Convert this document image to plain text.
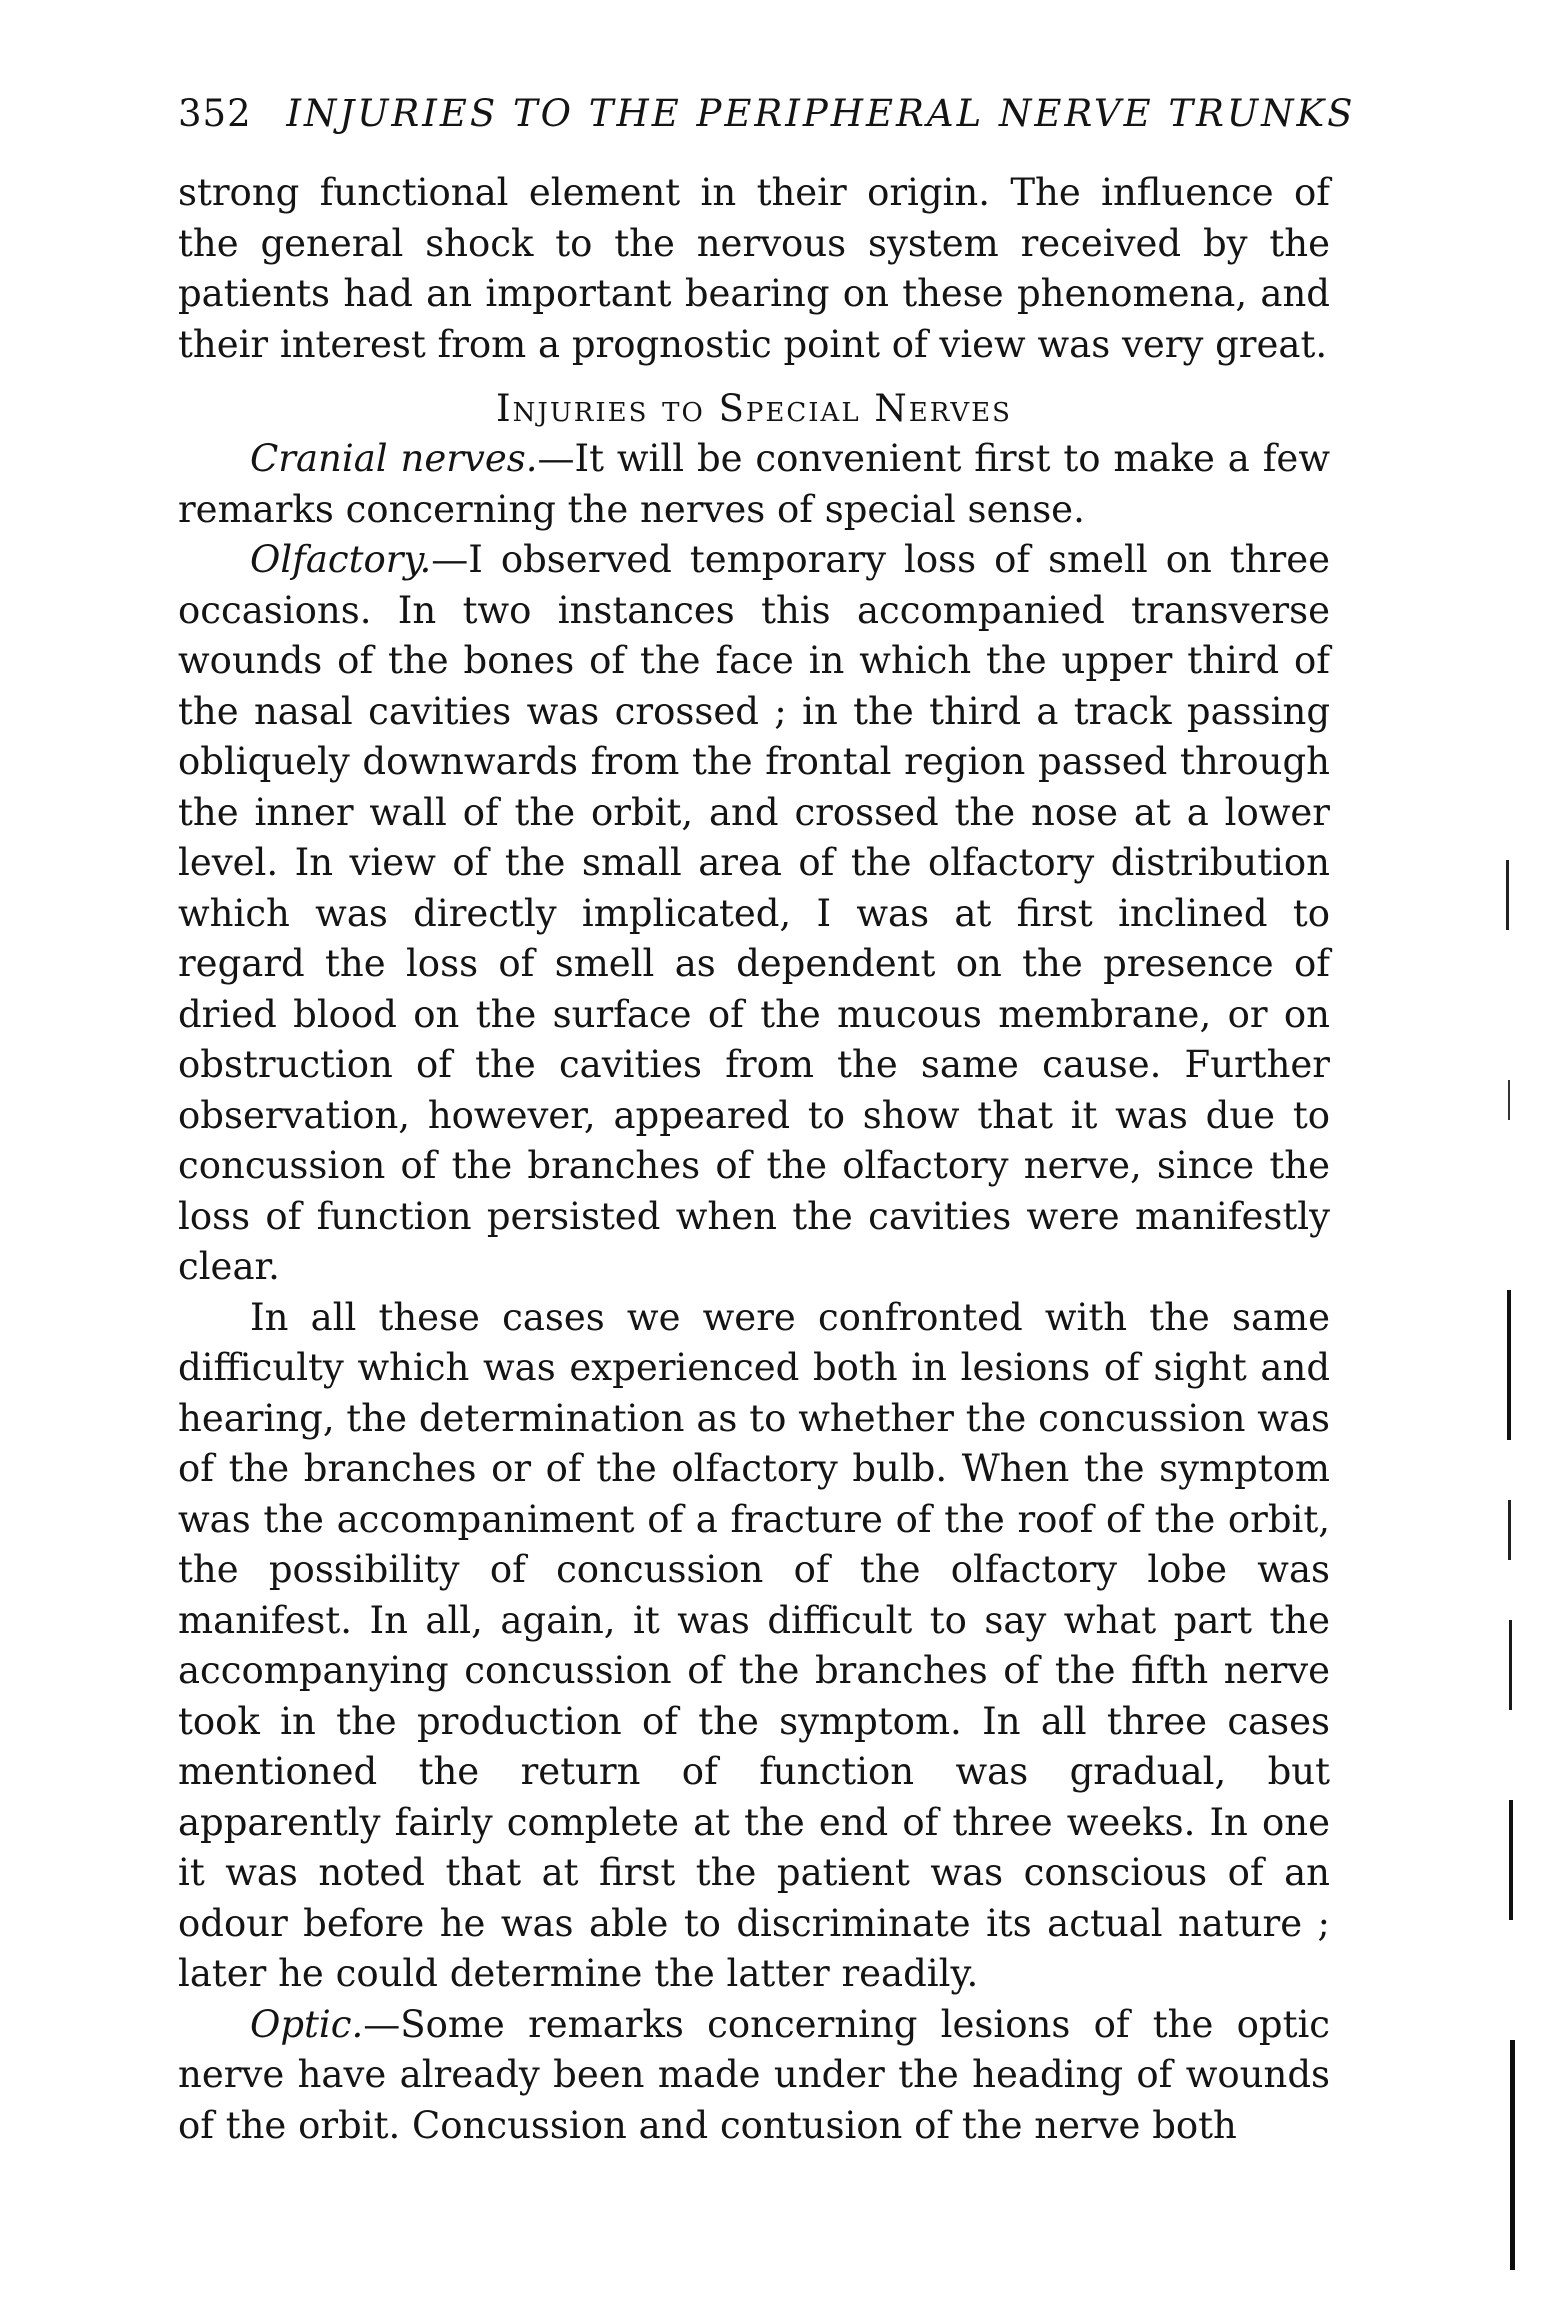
352 INJURIES TO THE PERIPHERAL NERVE TRUNKS

strong functional element in their origin. The influence of the general shock to the nervous system received by the patients had an important bearing on these phenomena, and their interest from a prognostic point of view was very great.

Injuries to Special Nerves

Cranial nerves.—It will be convenient first to make a few remarks concerning the nerves of special sense.

Olfactory.—I observed temporary loss of smell on three occasions. In two instances this accompanied transverse wounds of the bones of the face in which the upper third of the nasal cavities was crossed ; in the third a track passing obliquely downwards from the frontal region passed through the inner wall of the orbit, and crossed the nose at a lower level. In view of the small area of the olfactory distribution which was directly implicated, I was at first inclined to regard the loss of smell as dependent on the presence of dried blood on the surface of the mucous membrane, or on obstruction of the cavities from the same cause. Further observation, however, appeared to show that it was due to concussion of the branches of the olfactory nerve, since the loss of function persisted when the cavities were manifestly clear.

In all these cases we were confronted with the same difficulty which was experienced both in lesions of sight and hearing, the determination as to whether the concussion was of the branches or of the olfactory bulb. When the symptom was the accompaniment of a fracture of the roof of the orbit, the possibility of concussion of the olfactory lobe was manifest. In all, again, it was difficult to say what part the accompanying concussion of the branches of the fifth nerve took in the production of the symptom. In all three cases mentioned the return of function was gradual, but apparently fairly complete at the end of three weeks. In one it was noted that at first the patient was conscious of an odour before he was able to discriminate its actual nature ; later he could determine the latter readily.

Optic.—Some remarks concerning lesions of the optic nerve have already been made under the heading of wounds of the orbit. Concussion and contusion of the nerve both
